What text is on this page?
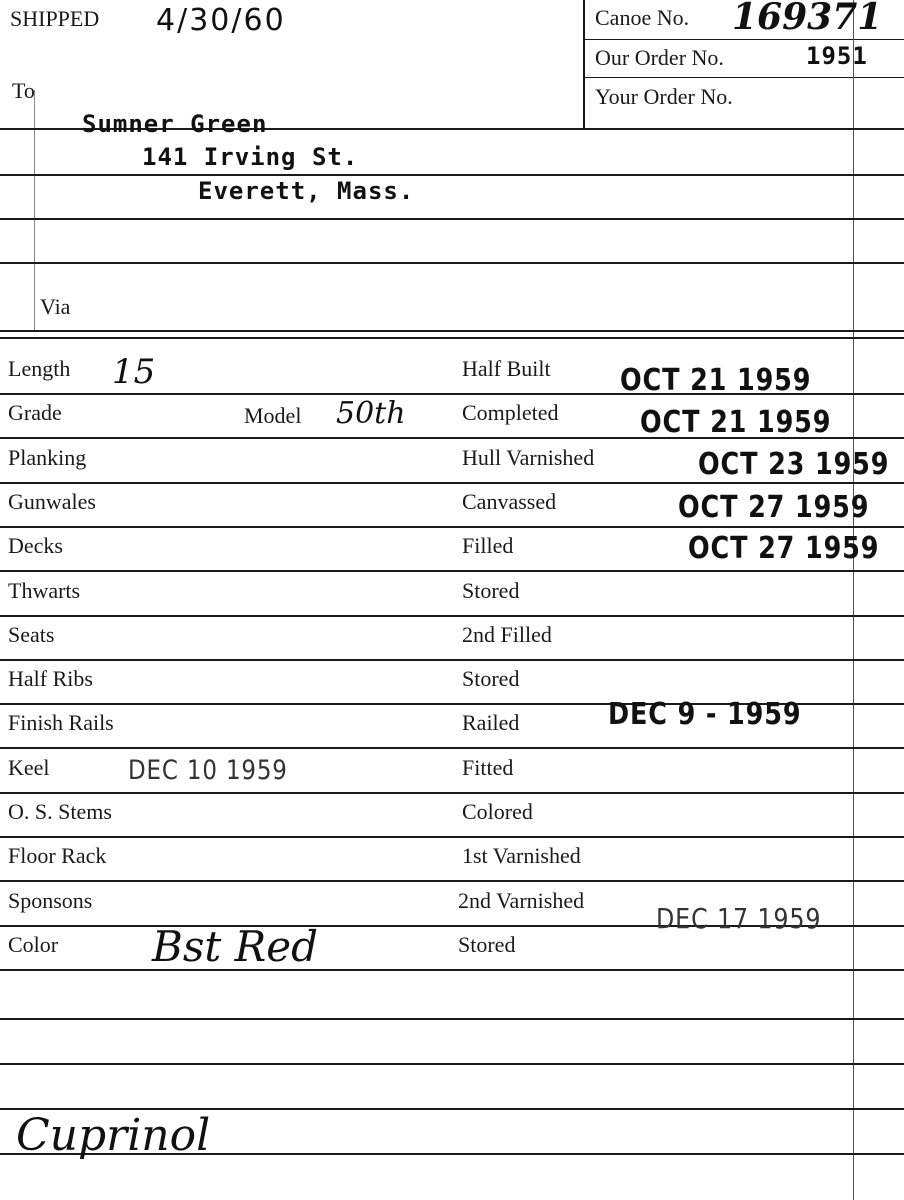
SHIPPED 4/30/60	Canoe No. 169371
Our Order No.	1951
Your Order No.
To
Sumner Green
141 Irving St.
Everett, Mass.
Via
Length
Grade
Planking
Gunwales
Decks
Thwarts
Seats
Half Ribs
Finish Rails
Keel
O. S. Stems
Floor Rack
Sponsons
Color
Half Built
Completed
Hull Varnished
Canvassed
Filled
Stored
2nd Filled
Stored
Railed
Fitted
Colored
1st Varnished
2nd Varnished
Stored
Model 50th
15
Bst Red
DEC 10 1959
OCT 21 1959
OCT 21 1959
OCT 23 1959
OCT 27 1959
OCT 27 1959
DEC 9 - 1959
DEC 17 1959
Cuprinol
